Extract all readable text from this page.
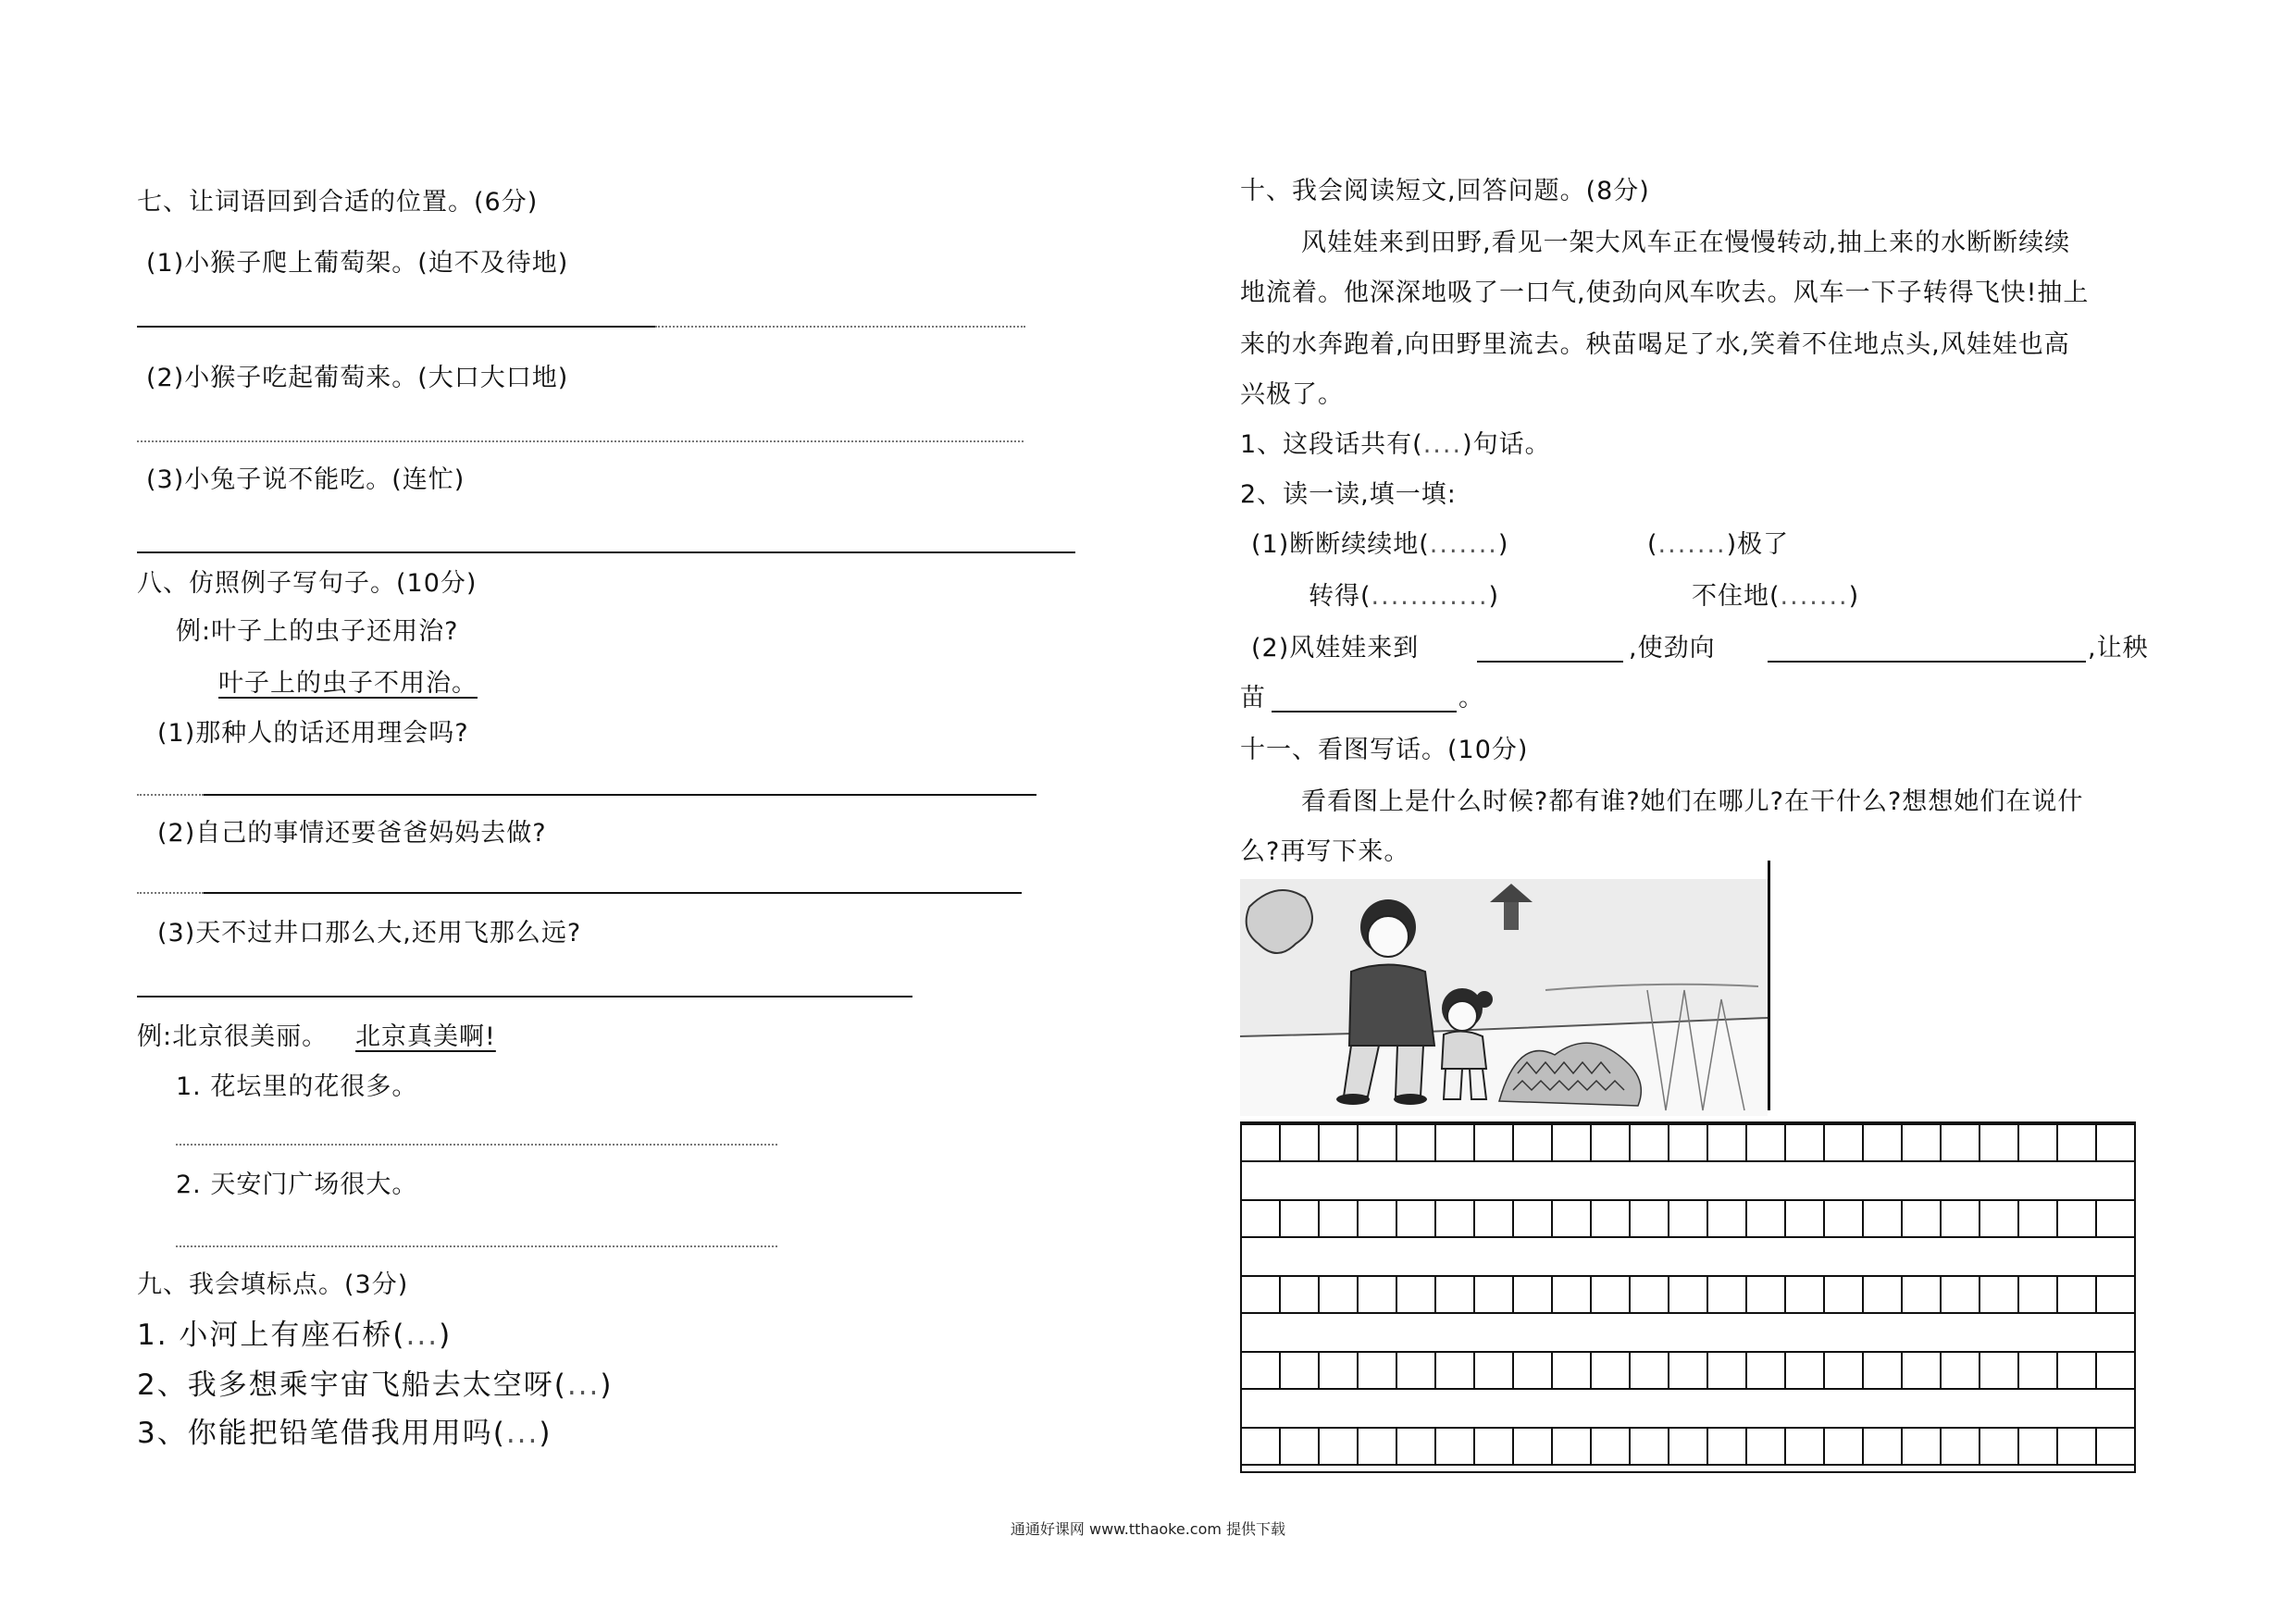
七、让词语回到合适的位置。(6分)
(1)小猴子爬上葡萄架。(迫不及待地)
(2)小猴子吃起葡萄来。(大口大口地)
(3)小兔子说不能吃。(连忙)
八、仿照例子写句子。(10分)
例:叶子上的虫子还用治?
叶子上的虫子不用治。
(1)那种人的话还用理会吗?
(2)自己的事情还要爸爸妈妈去做?
(3)天不过井口那么大,还用飞那么远?
例:北京很美丽。 北京真美啊!
1. 花坛里的花很多。
2. 天安门广场很大。
九、我会填标点。(3分)
1. 小河上有座石桥(...)
2、我多想乘宇宙飞船去太空呀(...)
3、你能把铅笔借我用用吗(...)
十、我会阅读短文,回答问题。(8分)
风娃娃来到田野,看见一架大风车正在慢慢转动,抽上来的水断断续续
地流着。他深深地吸了一口气,使劲向风车吹去。风车一下子转得飞快!抽上
来的水奔跑着,向田野里流去。秧苗喝足了水,笑着不住地点头,风娃娃也高
兴极了。
1、这段话共有(....)句话。
2、读一读,填一填:
(1)断断续续地(.......)	(.......)极了
转得(............)	不住地(.......)
(2)风娃娃来到	,使劲向	,让秧
苗	。
十一、看图写话。(10分)
看看图上是什么时候?都有谁?她们在哪儿?在干什么?想想她们在说什
么?再写下来。
通通好课网 www.tthaoke.com 提供下载
